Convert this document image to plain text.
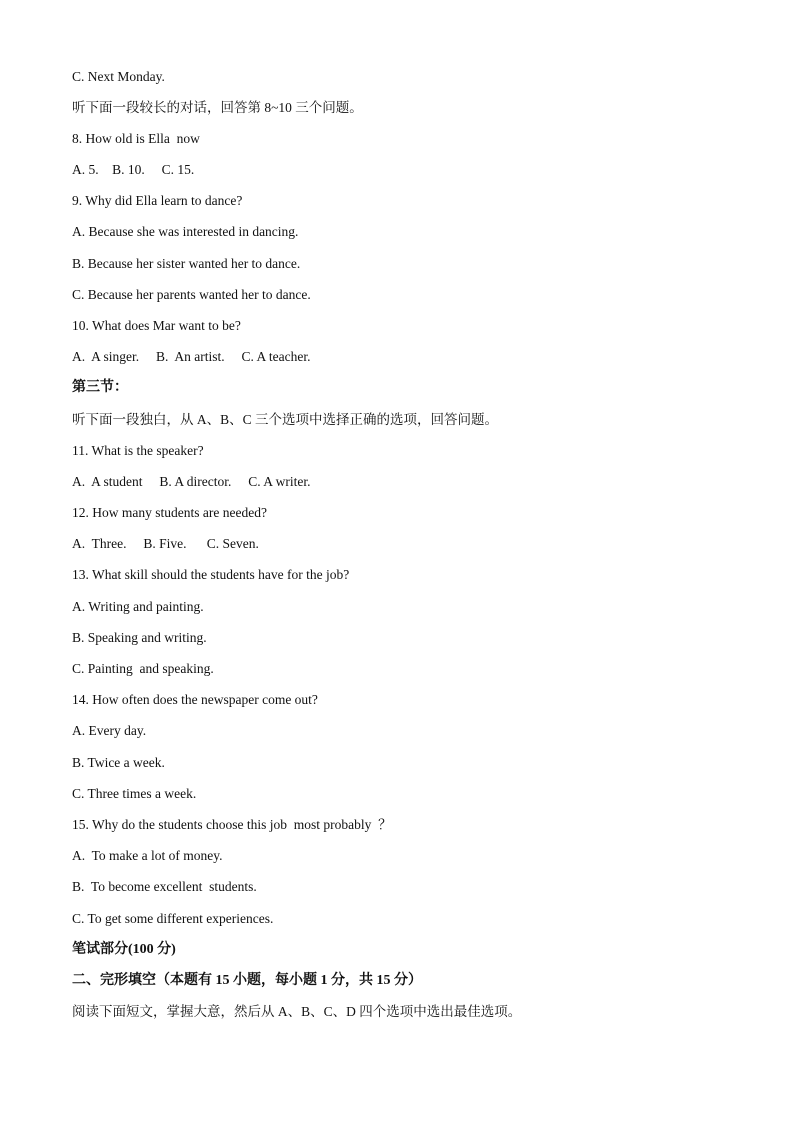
C. Next Monday.
听下面一段较长的对话，回答第 8~10 三个问题。
8. How old is Ella  now
A. 5.    B. 10.     C. 15.
9. Why did Ella learn to dance?
A. Because she was interested in dancing.
B. Because her sister wanted her to dance.
C. Because her parents wanted her to dance.
10. What does Mar want to be?
A.  A singer.     B.  An artist.     C. A teacher.
第三节：
听下面一段独白，从 A、B、C 三个选项中选择正确的选项，回答问题。
11. What is the speaker?
A.  A student     B. A director.     C. A writer.
12. How many students are needed?
A.  Three.     B. Five.      C. Seven.
13. What skill should the students have for the job?
A. Writing and painting.
B. Speaking and writing.
C. Painting  and speaking.
14. How often does the newspaper come out?
A. Every day.
B. Twice a week.
C. Three times a week.
15. Why do the students choose this job  most probably  ？
A.  To make a lot of money.
B.  To become excellent  students.
C. To get some different experiences.
笔试部分(100 分)
二、完形填空（本题有 15 小题，每小题 1 分，共 15 分）
阅读下面短文，掌握大意，然后从 A、B、C、D 四个选项中选出最佳选项。
